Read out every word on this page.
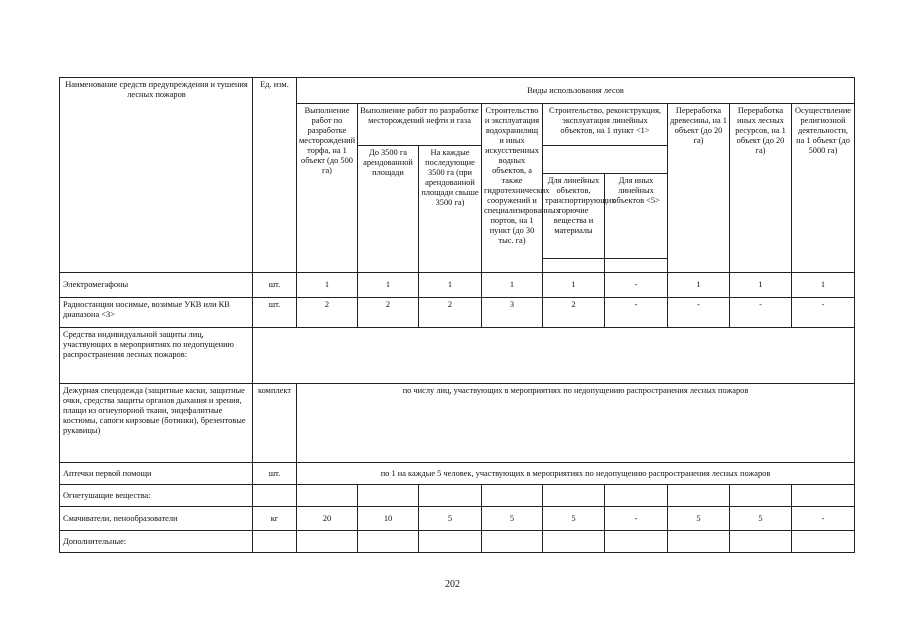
Наименование средств предупреждения и тушения лесных пожаров	Ед. изм.	Виды использования лесов								
		Выполнение работ по разработке месторождений торфа, на 1 объект (до 500 га)	Выполнение работ по разработке месторождений нефти и газа		Строительство и эксплуатация водохранилищ и иных искусственных водных объектов, а также гидротехнических сооружений и специализированных портов, на 1 пункт (до 30 тыс. га)	Строительство, реконструкция, эксплуатация линейных объектов, на 1 пункт <1>		Переработка древесины, на 1 объект (до 20 га)	Переработка иных лесных ресурсов, на 1 объект (до 20 га)	Осуществление религиозной деятельности, на 1 объект (до 5000 га)
			До 3500 га арендованной площади	На каждые последующие 3500 га (при арендованной площади свыше 3500 га)						
						Для линейных объектов, транспортирующих горючие вещества и материалы	Для иных линейных объектов <5>			

Электромегафоны	шт.	1	1	1	1	1	-	1	1	1
Радиостанции носимые, возимые УКВ или КВ диапазона <3>	шт.	2	2	2	3	2	-	-	-	-
Средства индивидуальной защиты лиц, участвующих в мероприятиях по недопущению распространения лесных пожаров:										
Дежурная спецодежда (защитные каски, защитные очки, средства защиты органов дыхания и зрения, плащи из огнеупорной ткани, энцефалитные костюмы, сапоги кирзовые (ботинки), брезентовые рукавицы)	комплект	по числу лиц, участвующих в мероприятиях по недопущению распространения лесных пожаров								
Аптечки первой помощи	шт.	по 1 на каждые 5 человек, участвующих в мероприятиях по недопущению распространения лесных пожаров								
Огнетушащие вещества:										
Смачиватели, пенообразователи	кг	20	10	5	5	5	-	5	5	-
Дополнительные:										
202
